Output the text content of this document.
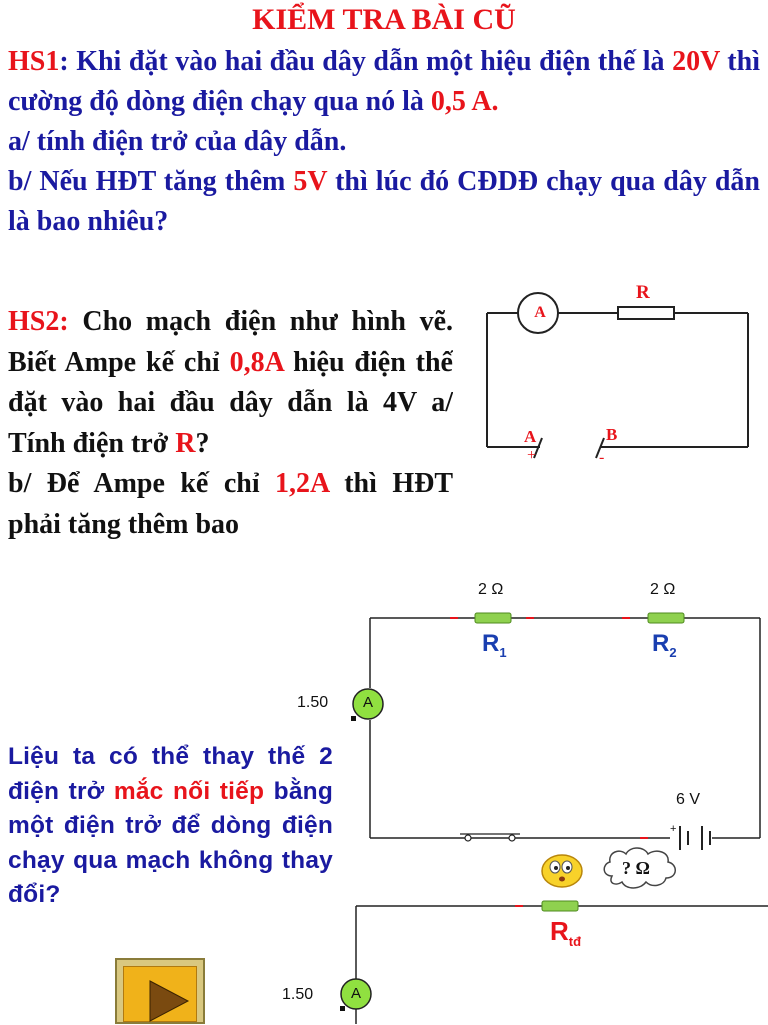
KIỂM TRA BÀI CŨ

HS1: Khi đặt vào hai đầu dây dẫn một hiệu điện thế là 20V thì cường độ dòng điện chạy qua nó là 0,5 A.

a/ tính điện trở của dây dẫn.

b/ Nếu HĐT tăng thêm 5V thì lúc đó CĐDĐ chạy qua dây dẫn là bao nhiêu?

HS2: Cho mạch điện như hình vẽ. Biết Ampe kế chỉ 0,8A hiệu điện thế đặt vào hai đầu dây dẫn là 4V a/ Tính điện trở R?

b/ Để Ampe kế chỉ 1,2A thì HĐT phải tăng thêm bao

A
R
A
+
B
-
+
2 Ω	2 Ω
$R_1$	$R_2$
1.50	A
6 V

Liệu ta có thể thay thế 2 điện trở mắc nối tiếp bằng một điện trở để dòng điện chạy qua mạch không thay đổi?

? Ω
$R_{tđ}$
1.50	A
